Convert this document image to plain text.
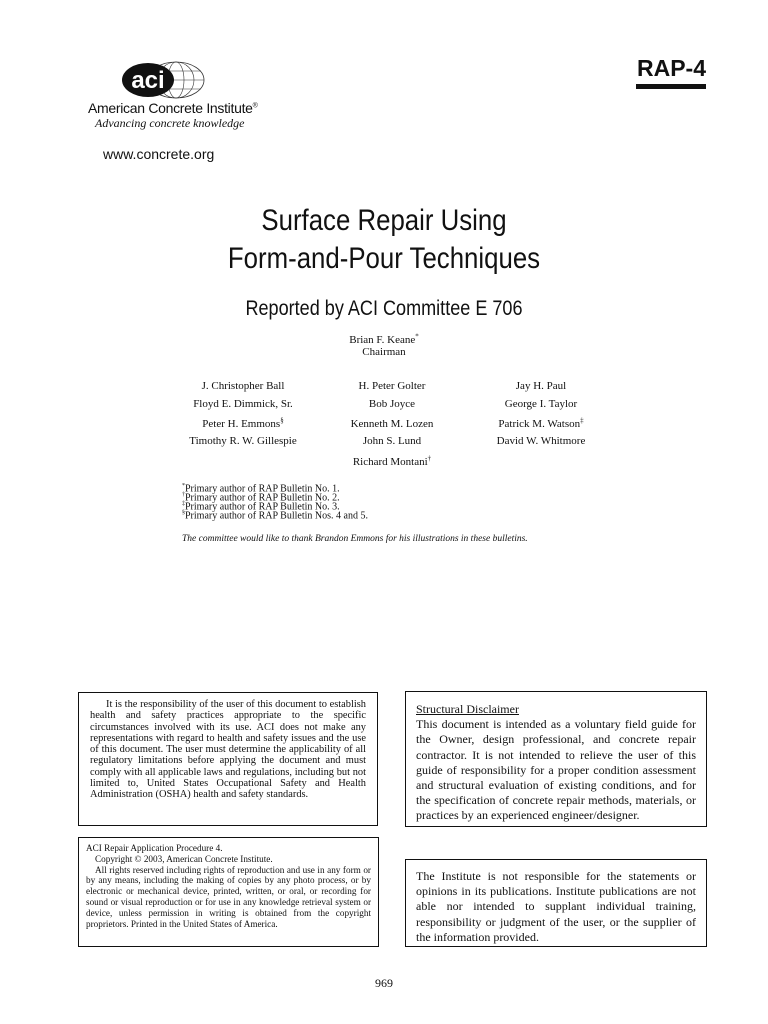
aci
American Concrete Institute®
Advancing concrete knowledge
www.concrete.org
RAP-4
Surface Repair Using
Form-and-Pour Techniques
Reported by ACI Committee E 706
Brian F. Keane*
Chairman
J. Christopher Ball	H. Peter Golter	Jay H. Paul
Floyd E. Dimmick, Sr.	Bob Joyce	George I. Taylor
Peter H. Emmons§	Kenneth M. Lozen	Patrick M. Watson‡
Timothy R. W. Gillespie	John S. Lund	David W. Whitmore
Richard Montani†
*Primary author of RAP Bulletin No. 1.
†Primary author of RAP Bulletin No. 2.
‡Primary author of RAP Bulletin No. 3.
§Primary author of RAP Bulletin Nos. 4 and 5.
The committee would like to thank Brandon Emmons for his illustrations in these bulletins.

It is the responsibility of the user of this document to establish health and safety practices appropriate to the specific circumstances involved with its use. ACI does not make any representations with regard to health and safety issues and the use of this document. The user must determine the applicability of all regulatory limitations before applying the document and must comply with all applicable laws and regulations, including but not limited to, United States Occupational Safety and Health Administration (OSHA) health and safety standards.

Structural Disclaimer
This document is intended as a voluntary field guide for the Owner, design professional, and concrete repair contractor. It is not intended to relieve the user of this guide of responsibility for a proper condition assessment and structural evaluation of existing conditions, and for the specification of concrete repair methods, materials, or practices by an experienced engineer/designer.

ACI Repair Application Procedure 4.

Copyright © 2003, American Concrete Institute.

All rights reserved including rights of reproduction and use in any form or by any means, including the making of copies by any photo process, or by electronic or mechanical device, printed, written, or oral, or recording for sound or visual reproduction or for use in any knowledge retrieval system or device, unless permission in writing is obtained from the copyright proprietors. Printed in the United States of America.

The Institute is not responsible for the statements or opinions in its publications. Institute publications are not able nor intended to supplant individual training, responsibility or judgment of the user, or the supplier of the information provided.
969
